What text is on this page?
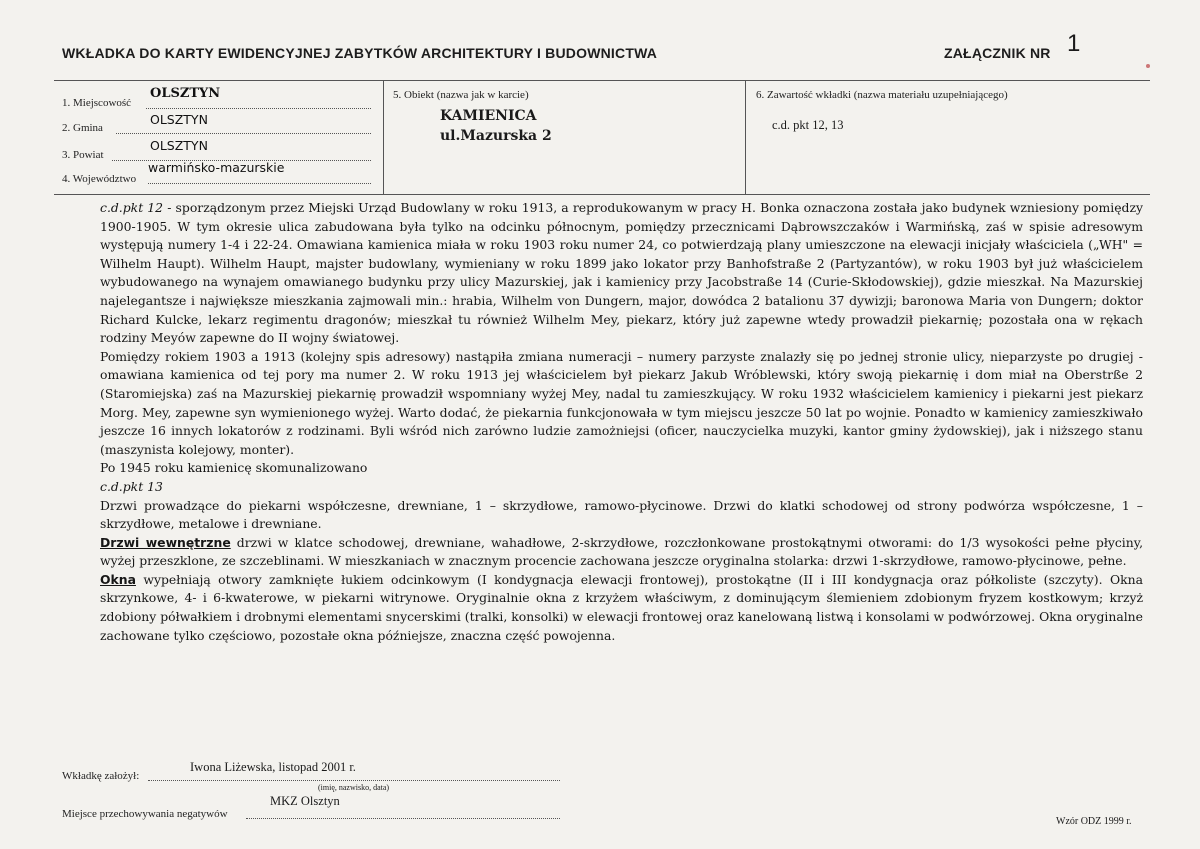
WKŁADKA DO KARTY EWIDENCYJNEJ ZABYTKÓW ARCHITEKTURY I BUDOWNICTWA	ZAŁĄCZNIK NR 1
1. Miejscowość
OLSZTYN
2. Gmina
OLSZTYN
3. Powiat
OLSZTYN
4. Województwo
warmińsko-mazurskie
5. Obiekt (nazwa jak w karcie)
KAMIENICA
ul.Mazurska 2
6. Zawartość wkładki (nazwa materiału uzupełniającego)
c.d. pkt 12, 13

c.d.pkt 12 - sporządzonym przez Miejski Urząd Budowlany w roku 1913, a reprodukowanym w pracy H. Bonka oznaczona została jako budynek wzniesiony pomiędzy 1900-1905. W tym okresie ulica zabudowana była tylko na odcinku północnym, pomiędzy przecznicami Dąbrowszczaków i Warmińską, zaś w spisie adresowym występują numery 1-4 i 22-24. Omawiana kamienica miała w roku 1903 roku numer 24, co potwierdzają plany umieszczone na elewacji inicjały właściciela („WH" = Wilhelm Haupt). Wilhelm Haupt, majster budowlany, wymieniany w roku 1899 jako lokator przy Banhofstraße 2 (Partyzantów), w roku 1903 był już właścicielem wybudowanego na wynajem omawianego budynku przy ulicy Mazurskiej, jak i kamienicy przy Jacobstraße 14 (Curie-Skłodowskiej), gdzie mieszkał. Na Mazurskiej najelegantsze i największe mieszkania zajmowali min.: hrabia, Wilhelm von Dungern, major, dowódca 2 batalionu 37 dywizji; baronowa Maria von Dungern; doktor Richard Kulcke, lekarz regimentu dragonów; mieszkał tu również Wilhelm Mey, piekarz, który już zapewne wtedy prowadził piekarnię; pozostała ona w rękach rodziny Meyów zapewne do II wojny światowej.

Pomiędzy rokiem 1903 a 1913 (kolejny spis adresowy) nastąpiła zmiana numeracji – numery parzyste znalazły się po jednej stronie ulicy, nieparzyste po drugiej - omawiana kamienica od tej pory ma numer 2. W roku 1913 jej właścicielem był piekarz Jakub Wróblewski, który swoją piekarnię i dom miał na Oberstrße 2 (Staromiejska) zaś na Mazurskiej piekarnię prowadził wspomniany wyżej Mey, nadal tu zamieszkujący. W roku 1932 właścicielem kamienicy i piekarni jest piekarz Morg. Mey, zapewne syn wymienionego wyżej. Warto dodać, że piekarnia funkcjonowała w tym miejscu jeszcze 50 lat po wojnie. Ponadto w kamienicy zamieszkiwało jeszcze 16 innych lokatorów z rodzinami. Byli wśród nich zarówno ludzie zamożniejsi (oficer, nauczycielka muzyki, kantor gminy żydowskiej), jak i niższego stanu (maszynista kolejowy, monter).

Po 1945 roku kamienicę skomunalizowano

c.d.pkt 13

Drzwi prowadzące do piekarni współczesne, drewniane, 1 – skrzydłowe, ramowo-płycinowe. Drzwi do klatki schodowej od strony podwórza współczesne, 1 –skrzydłowe, metalowe i drewniane.

Drzwi wewnętrzne drzwi w klatce schodowej, drewniane, wahadłowe, 2-skrzydłowe, rozczłonkowane prostokątnymi otworami: do 1/3 wysokości pełne płyciny, wyżej przeszklone, ze szczeblinami. W mieszkaniach w znacznym procencie zachowana jeszcze oryginalna stolarka: drzwi 1-skrzydłowe, ramowo-płycinowe, pełne.

Okna wypełniają otwory zamknięte łukiem odcinkowym (I kondygnacja elewacji frontowej), prostokątne (II i III kondygnacja oraz półkoliste (szczyty). Okna skrzynkowe, 4- i 6-kwaterowe, w piekarni witrynowe. Oryginalnie okna z krzyżem właściwym, z dominującym ślemieniem zdobionym fryzem kostkowym; krzyż zdobiony półwałkiem i drobnymi elementami snycerskimi (tralki, konsolki) w elewacji frontowej oraz kanelowaną listwą i konsolami w podwórzowej. Okna oryginalne zachowane tylko częściowo, pozostałe okna późniejsze, znaczna część powojenna.

Iwona Liżewska, listopad 2001 r.
Wkładkę założył:
(imię, nazwisko, data)
MKZ Olsztyn
Miejsce przechowywania negatywów
Wzór ODZ 1999 r.
